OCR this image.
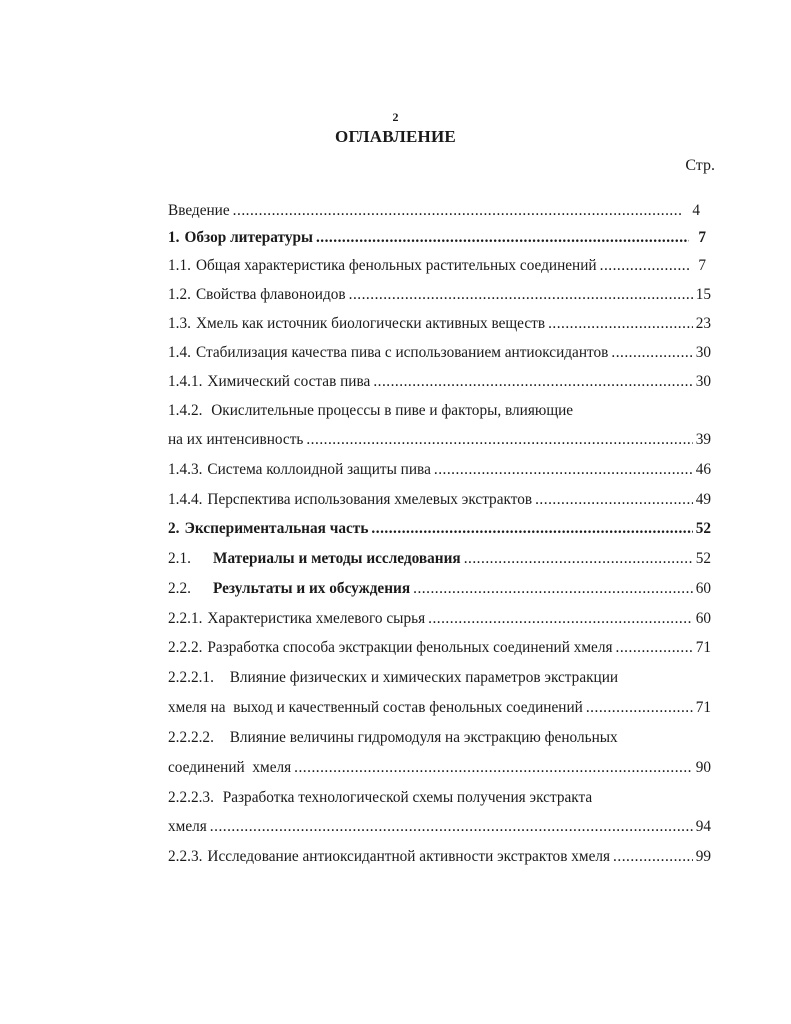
2
ОГЛАВЛЕНИЕ
Стр.
Введение .....	4
1. Обзор литературы .....	7
1.1. Общая характеристика фенольных растительных соединений .....	7
1.2. Свойства флавоноидов .....	15
1.3. Хмель как источник биологически активных веществ .....	23
1.4. Стабилизация качества пива с использованием антиоксидантов .....	30
1.4.1. Химический состав пива .....	30
1.4.2. Окислительные процессы в пиве и факторы, влияющие
на их интенсивность .....	39
1.4.3. Система коллоидной защиты пива .....	46
1.4.4. Перспектива использования хмелевых экстрактов .....	49
2. Экспериментальная часть .....	52
2.1.	Материалы и методы исследования .....	52
2.2.	Результаты и их обсуждения .....	60
2.2.1. Характеристика хмелевого сырья .....	60
2.2.2. Разработка способа экстракции фенольных соединений хмеля .....	71
2.2.2.1. Влияние физических и химических параметров экстракции
хмеля на  выход и качественный состав фенольных соединений .....	71
2.2.2.2. Влияние величины гидромодуля на экстракцию фенольных
соединений  хмеля .....	90
2.2.2.3. Разработка технологической схемы получения экстракта
хмеля .....	94
2.2.3. Исследование антиоксидантной активности экстрактов хмеля .....	99
